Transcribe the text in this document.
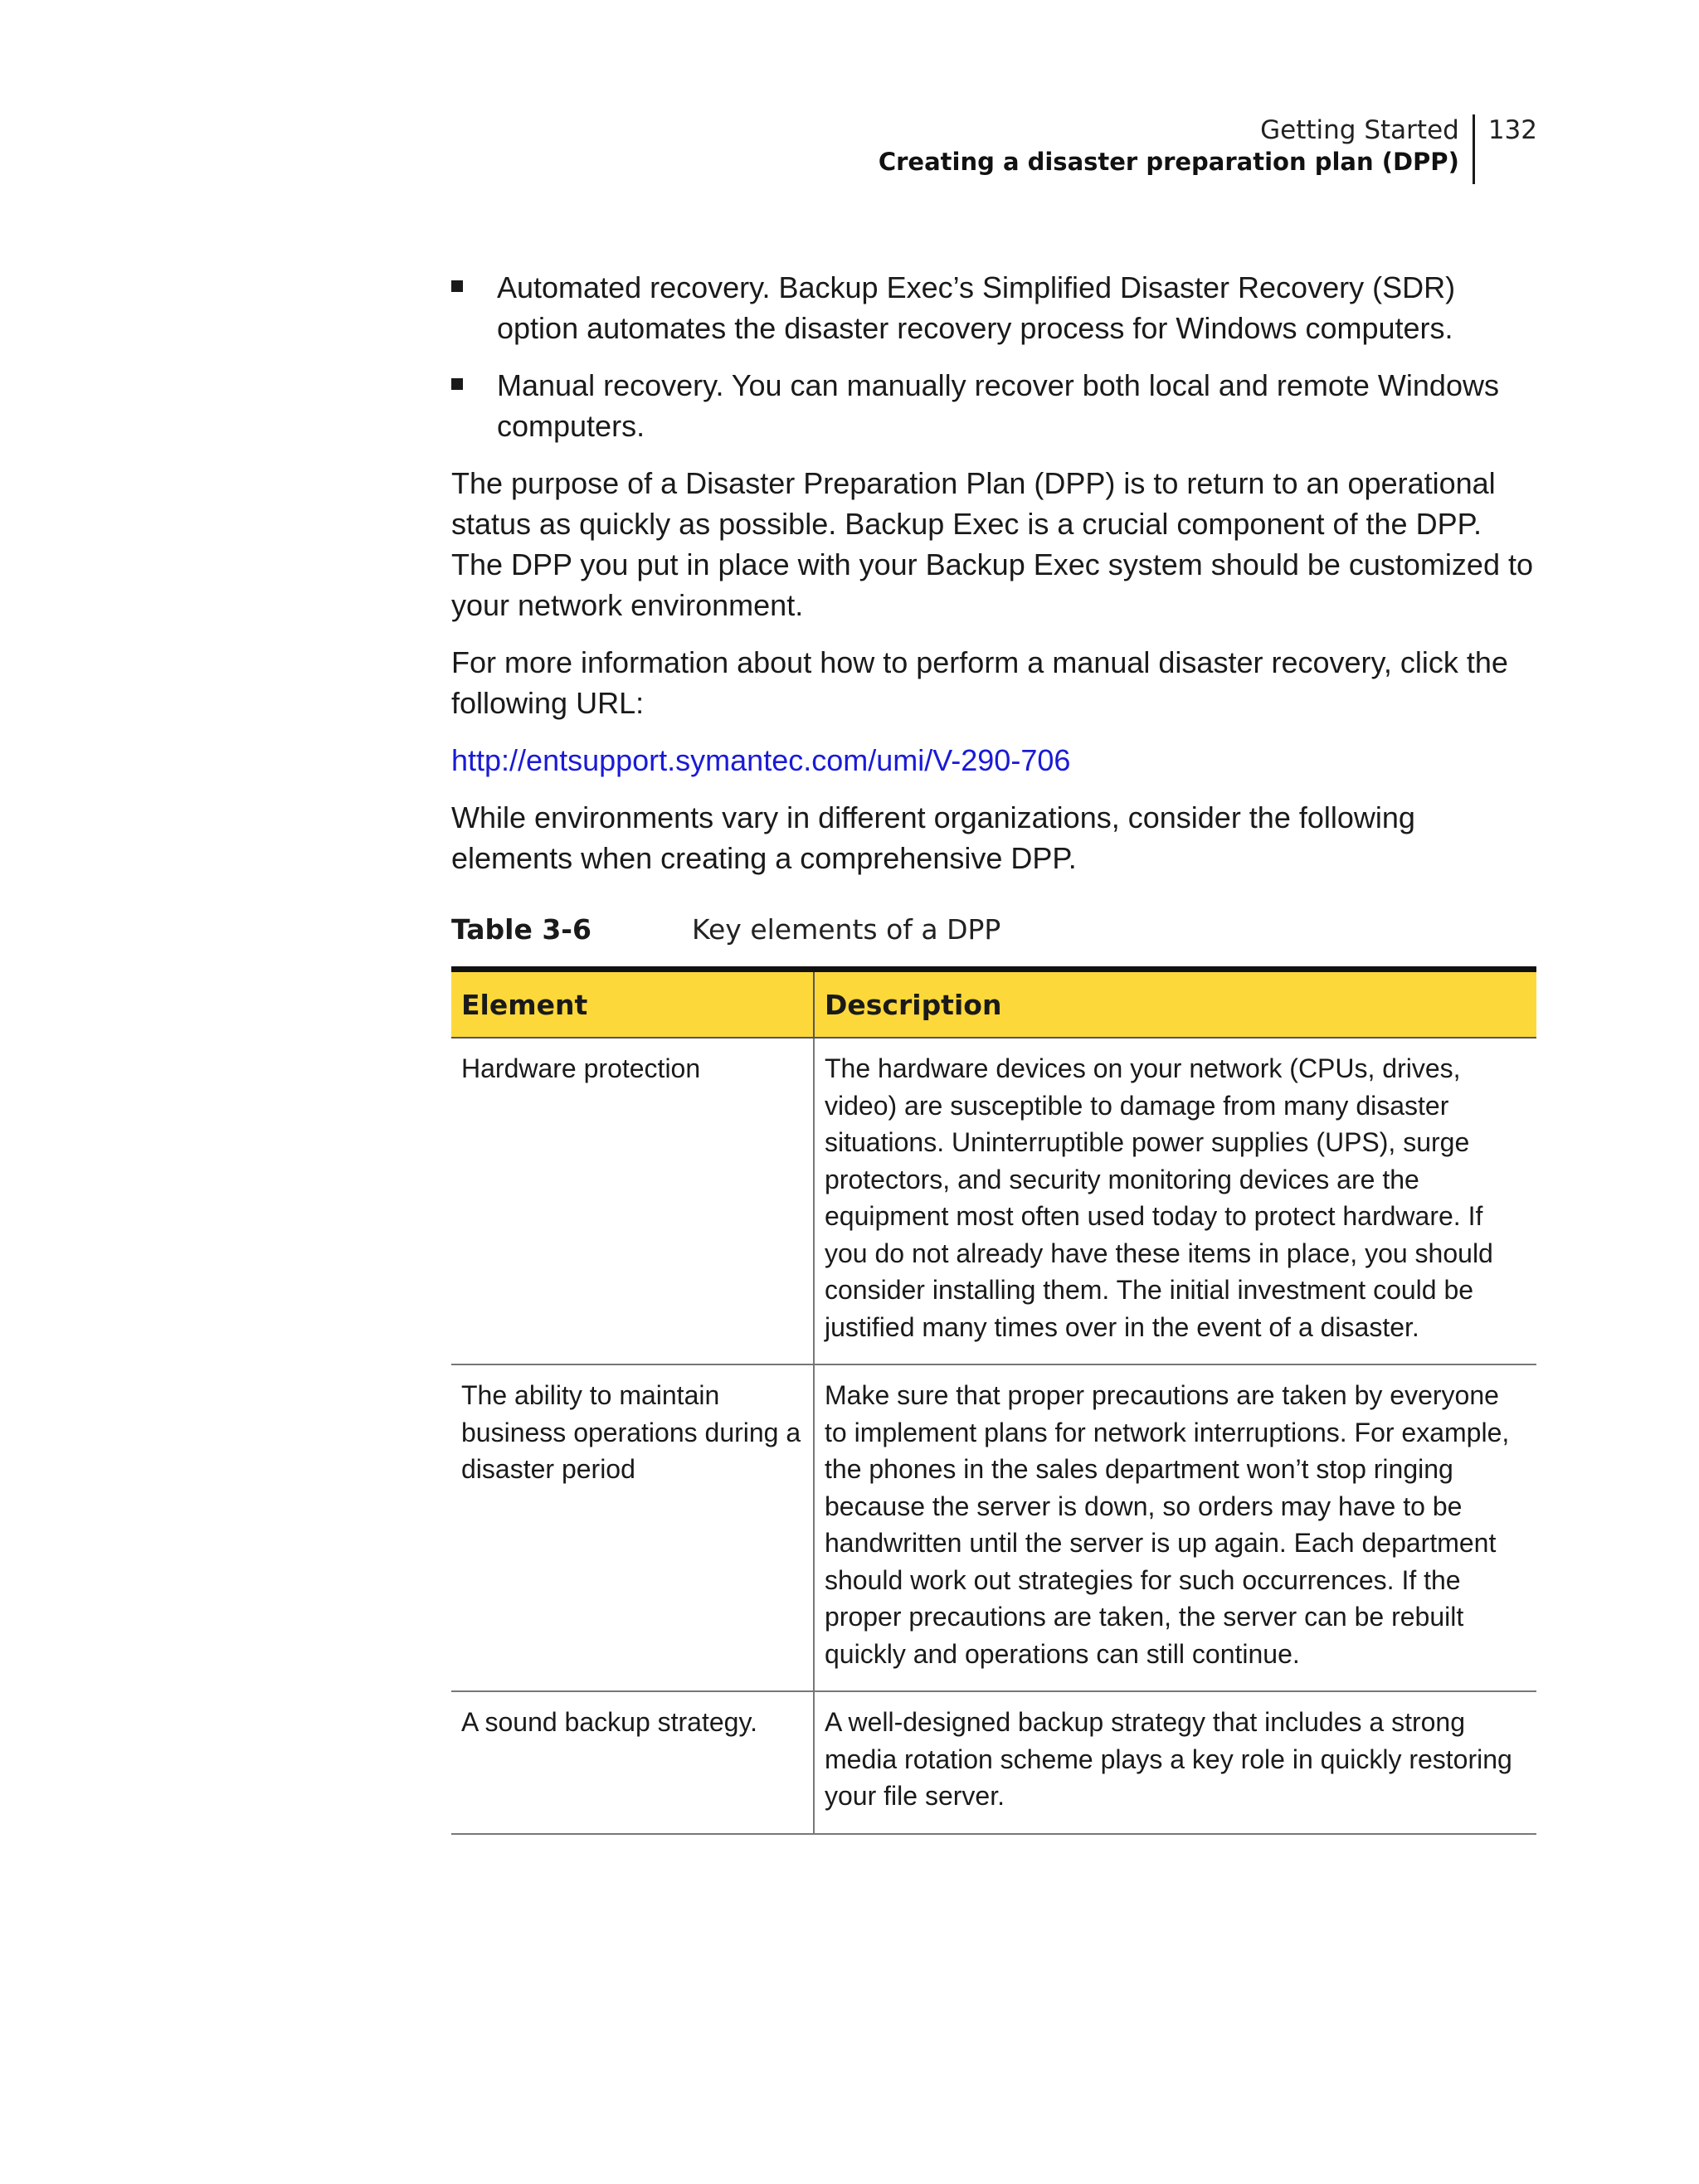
Getting Started
Creating a disaster preparation plan (DPP)
132
Automated recovery. Backup Exec’s Simplified Disaster Recovery (SDR) option automates the disaster recovery process for Windows computers.
Manual recovery. You can manually recover both local and remote Windows computers.

The purpose of a Disaster Preparation Plan (DPP) is to return to an operational status as quickly as possible. Backup Exec is a crucial component of the DPP. The DPP you put in place with your Backup Exec system should be customized to your network environment.

For more information about how to perform a manual disaster recovery, click the following URL:

http://entsupport.symantec.com/umi/V-290-706

While environments vary in different organizations, consider the following elements when creating a comprehensive DPP.

Table 3-6	Key elements of a DPP
Element	Description
Hardware protection	The hardware devices on your network (CPUs, drives, video) are susceptible to damage from many disaster situations. Uninterruptible power supplies (UPS), surge protectors, and security monitoring devices are the equipment most often used today to protect hardware. If you do not already have these items in place, you should consider installing them. The initial investment could be justified many times over in the event of a disaster.
The ability to maintain business operations during a disaster period	Make sure that proper precautions are taken by everyone to implement plans for network interruptions. For example, the phones in the sales department won’t stop ringing because the server is down, so orders may have to be handwritten until the server is up again. Each department should work out strategies for such occurrences. If the proper precautions are taken, the server can be rebuilt quickly and operations can still continue.
A sound backup strategy.	A well-designed backup strategy that includes a strong media rotation scheme plays a key role in quickly restoring your file server.
